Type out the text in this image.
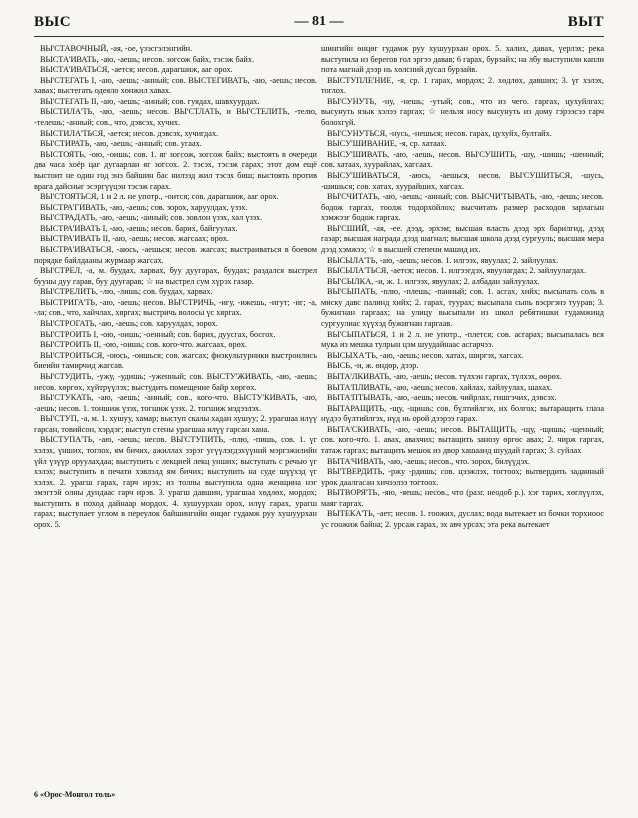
ВЫС	— 81 —	ВЫТ

ВЫ'СТАВОЧНЫЙ, -ая, -ое, үзэсгэлэнгийн.

ВЫСТА'ИВАТЬ, -аю, -аешь; несов. зогсож байх, тэсэж байх.

ВЫСТА'ИВАТЬСЯ, -ается; несов. дарагшиж, ааг орох.

ВЫ'СТЕГАТЬ I, -аю, -аешь; -анный; сов. ВЫСТЕГИВАТЬ, -аю, -аешь; несов. хавах; выстегать одеяло хөнжил хавах.

ВЫ'СТЕГАТЬ II, -аю, -аешь; -анный; сов. гуядах, шавхуурдах.

ВЫСТИЛА'ТЬ, -аю, -аешь; несов. ВЫ'СТЛАТЬ, и ВЫ'СТЕЛИТЬ, -телю, -телешь; -анный; сов., что, дэвсэх, хучих.

ВЫСТИЛА'ТЬСЯ, -ается; несов. дэвсэх, хучигдах.

ВЫ'СТИРАТЬ, -аю, -аешь; -анный; сов. угаах.

ВЫСТОЯТЬ, -ою, -оишь; сов. 1. яг зогсож, зогсож байх; выстоять в очереди два часа хоёр цаг дугаарлан яг зогсох. 2. тэсэх, тэсэж гарах; этот дом ещё выстоит не один год энэ байшин бас нилээд жил тэсэх биш; выстоять против врага дайсныг эсэргүүцэн тэсэж гарах.

ВЫ'СТОЯТЬСЯ, 1 и 2 л. не употр., -оится; сов. дарагшиж, ааг орох.

ВЫСТРА'ГИВАТЬ, -аю, -аешь; сов. зорох, харуулдах, үзэх.

ВЫ'СТРАДАТЬ, -аю, -аешь; -анный; сов. зовлон үзэх, хал үзэх.

ВЫСТРА'ИВАТЬ I, -аю, -аешь; несов. барих, байгуулах.

ВЫСТРА'ИВАТЬ II, -аю, -аешь; несов. жагсаах; өрөх.

ВЫСТРА'ИВАТЬСЯ, -аюсь, -аешься; несов. жагсах; выстраиваться в боевом порядке байлдааны журмаар жагсах.

ВЫ'СТРЕЛ, -а, м. буудах, харвах, буу дуугарах, буудах; раздался выстрел бууны дуу гарав, буу дуугарав; ☆ на выстрел сум хүрэх газар.

ВЫ'СТРЕЛИТЬ, -лю, -лишь; сов. буудах, харвах.

ВЫСТРИГА'ТЬ, -аю, -аешь; несов. ВЫ'СТРИЧЬ, -игу, -ижешь, -игут; -иг; -а, -ла; сов., что, хайчлах, хяргах; выстричь волосы үс хяргах.

ВЫ'СТРОГАТЬ, -аю, -аешь; сов. харуулдах, зорох.

ВЫ'СТРОИТЬ I, -ою, -оишь; -оенный; сов. барих, дуусгах, босгох.

ВЫ'СТРОИТЬ II, -ою, -оишь; сов. кого-что. жагсаах, өрөх.

ВЫ'СТРОИТЬСЯ, -оюсь, -оишься; сов. жагсах; физкультурники выстроились биеийн тамирчид жагсав.

ВЫ'СТУДИТЬ, -ужу, -удишь; -уженный; сов. ВЫСТУ'ЖИВАТЬ, -аю, -аешь; несов. хөргөх, хүйтрүүлэх; выстудить помещение байр хөргөх.

ВЫ'СТУКАТЬ, -аю, -аешь; -анный; сов., кого-что. ВЫСТУ'КИВАТЬ, -аю, -аешь; несов. 1. тоншиж үзэх, тогшиж үзэх. 2. тогшиж мэдээлэх.

ВЫ'СТУП, -а, м. 1. хушуу, хамар; выступ скалы хадан хушуу; 2. урагшаа илүү гарсан, товийсон, хэрдэг; выступ стены урагшаа илүү гарсан хана.

ВЫСТУПА'ТЬ, -аю, -аешь; несов. ВЫ'СТУПИТЬ, -плю, -пишь, сов. 1. үг хэлэх, үнших, тоглох, ям бичих, ажиллах зэрэг угүүлэгдэхүүний мэргэжилийн үйл үзүүр оруулахдаа; выступить с лекцией лекц унших; выступать с речью үг хэлэх; выступить в печати хэвлэлд ям бичих; выступить на суде шүүхэд үг хэлэх. 2. урагш гарах, гарч ирэх; из толпы выступила одна женщина нэг эмэгтэй олны дундаас гарч ирэв. 3. урагш давшин, урагшаа хөдлөх, мордох; выступить в поход дайнаар мордох. 4. хушуурхан орох, илүү гарах, урагш гарах; выступает углом в переулок байшингийн өнцөг гудамж руу хушуурхан орох. 5.

шингийн өнцөг гудамж руу хушуурхан орох. 5. халих, давах, үерлэх; река выступила из берегов гол эргээ давав; 6 гарах, бурзайх; на лбу выступили капли пота магнай дээр нь хөлсний дусал бурзайв.

ВЫСТУПЛЕ'НИЕ, -я, ср. 1 гарах, мордох; 2. хөдлөх, давших; 3. үг хэлэх, тоглох.

ВЫ'СУНУТЬ, -ну, -нешь; -утый; сов., что из чего. гаргах, цухуйлгах; высунуть язык хэлээ гаргах; ☆ нельзя носу высунуть из дому гэрээсээ гарч болохгүй.

ВЫ'СУНУТЬСЯ, -нусь, -нешься; несов. гарах, цухуйх, бултайх.

ВЫСУ'ШИВАНИЕ, -я, ср. хатаах.

ВЫСУ'ШИВАТЬ, -аю, -аешь, несов. ВЫ'СУШИТЬ, -шу, -шишь; -шенный; сов. хатаах, хуурайлах, хагсаах.

ВЫСУ'ШИВАТЬСЯ, -аюсь, -аешься, несов. ВЫ'СУШИТЬСЯ, -шусь, -шишься; сов. хатах, хуурайших, хагсах.

ВЫ'СЧИТАТЬ, -аю, -аешь; -анный; сов. ВЫСЧИ'ТЫВАТЬ, -аю, -аешь; несов. бодож гаргах, тоолж тодорхойлох; высчитать размер расходов зарлагын хэмжээг бодож гаргах.

ВЫ'СШИЙ, -ая, -ее. дээд, эрхэм; высшая власть дээд эрх барилгид, дээд газар; высшая награда дээд шагнал; высшая школа дээд сургууль; высшая мера дээд хэмжээ; ☆ в высшей степени машид их.

ВЫСЫЛА'ТЬ, -аю, -аешь; несов. 1. илгээх, явуулах; 2. зайлуулах.

ВЫСЫЛА'ТЬСЯ, -ается; несов. 1. илгээгдэх, явуулагдах; 2. зайлуулагдах.

ВЫ'СЫЛКА, -и, ж. 1. илгээх, явуулах; 2. албадан зайлуулах.

ВЫ'СЫПАТЬ, -плю, -плешь; -панный; сов. 1. асгах, хийх; высыпать соль в миску давс палинд хийх; 2. гарах, туурах; высыпала сыпь вэсргэнэ туурав; 3. бужигнан гаргаах; на улицу высыпали из школ ребятишки гудамжинд сургуулиас хүүхэд бужигнан гаргаав.

ВЫ'СЫПАТЬСЯ, 1 и 2 л. не употр., -плется; сов. асгарах; высыпалась вся мука из мешка тулрын цэм шуудайнаас асгарчээ.

ВЫСЫХА'ТЬ, -аю, -аешь; несов. хатах, ширгэх, хагсах.

ВЫСЬ, -и, ж. өндөр, дээр.

ВЫТА'ЛКИВАТЬ, -аю, -аешь; несов. түлхэн гаргах, түлхэх, өөрөх.

ВЫТА'ПЛИВАТЬ, -аю, -аешь; несов. хайлах, хайлуулах, шахах.

ВЫТА'ПТЫВАТЬ, -аю, -аешь; несов. чийрлах, гишгэчих, дэвсэх.

ВЫТАРАЩИТЬ, -щу, -щишь; сов. бүлтийлгэх, их болгох; вытаращить глаза нүдээ бүлтийлгэх, нүд нь орой дээрээ гарах.

ВЫТА'СКИВАТЬ, -аю, -аешь; несов. ВЫТАЩИТЬ, -щу, -щишь; -щенный; сов. кого-что. 1. авах, авахчих; вытащить занозу өргөс авах; 2. чирж гаргах, татаж гаргах; вытащить мешок из двор хашаанд шуудай гаргах; 3. суйлах

ВЫТА'ЧИВАТЬ, -аю, -аешь; несов., что. зорох, билүүдэх.

ВЫ'ТВЕРДИТЬ, -ржу -рдишь; сов. цээжлэх, тогтоох; вытвердить заданный урок даалгасан хичээлээ тогтоох.

ВЫТВОРЯ'ТЬ, -яю, -яешь; несов., что (разг. неодоб р.). хэг тарих, хөглүүлэх, маяг гаргах.

ВЫТЕКА'ТЬ, -ает; несов. 1. гоожих, дуслах; вода вытекает из бочки торхноос ус гоожиж байна; 2. урсаж гарах, эх авч урсах; эта река вытекает

6 «Орос-Монгол толь»
